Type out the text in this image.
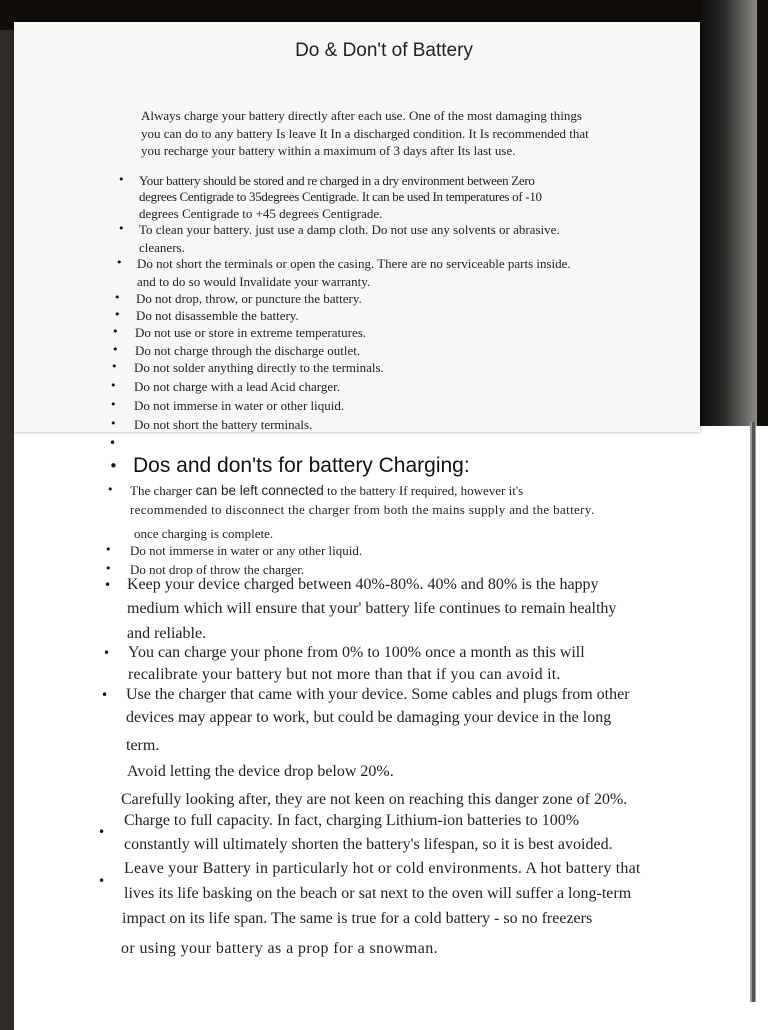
Do & Don't of Battery
Always charge your battery directly after each use. One of the most damaging things
you can do to any battery Is leave It In a discharged condition. It Is recommended that
you recharge your battery within a maximum of 3 days after Its last use.
• Your battery should be stored and re charged in a dry environment between Zero
degrees Centigrade to 35degrees Centigrade. It can be used In temperatures of -10
degrees Centigrade to +45 degrees Centigrade.
• To clean your battery. just use a damp cloth. Do not use any solvents or abrasive.
cleaners.
• Do not short the terminals or open the casing. There are no serviceable parts inside.
and to do so would Invalidate your warranty.
• Do not drop, throw, or puncture the battery.
• Do not disassemble the battery.
• Do not use or store in extreme temperatures.
• Do not charge through the discharge outlet.
• Do not solder anything directly to the terminals.
• Do not charge with a lead Acid charger.
• Do not immerse in water or other liquid.
• Do not short the battery terminals.
•
• Dos and don'ts for battery Charging:
• The charger can be left connected to the battery If required, however it's
recommended to disconnect the charger from both the mains supply and the battery.
once charging is complete.
• Do not immerse in water or any other liquid.
• Do not drop of throw the charger.
• Keep your device charged between 40%-80%. 40% and 80% is the happy
medium which will ensure that your' battery life continues to remain healthy
and reliable.
• You can charge your phone from 0% to 100% once a month as this will
recalibrate your battery but not more than that if you can avoid it.
• Use the charger that came with your device. Some cables and plugs from other
devices may appear to work, but could be damaging your device in the long
term.
Avoid letting the device drop below 20%.
Carefully looking after, they are not keen on reaching this danger zone of 20%.
•
Charge to full capacity. In fact, charging Lithium-ion batteries to 100%
constantly will ultimately shorten the battery's lifespan, so it is best avoided.
•
Leave your Battery in particularly hot or cold environments. A hot battery that
lives its life basking on the beach or sat next to the oven will suffer a long-term
impact on its life span. The same is true for a cold battery - so no freezers
or using your battery as a prop for a snowman.
